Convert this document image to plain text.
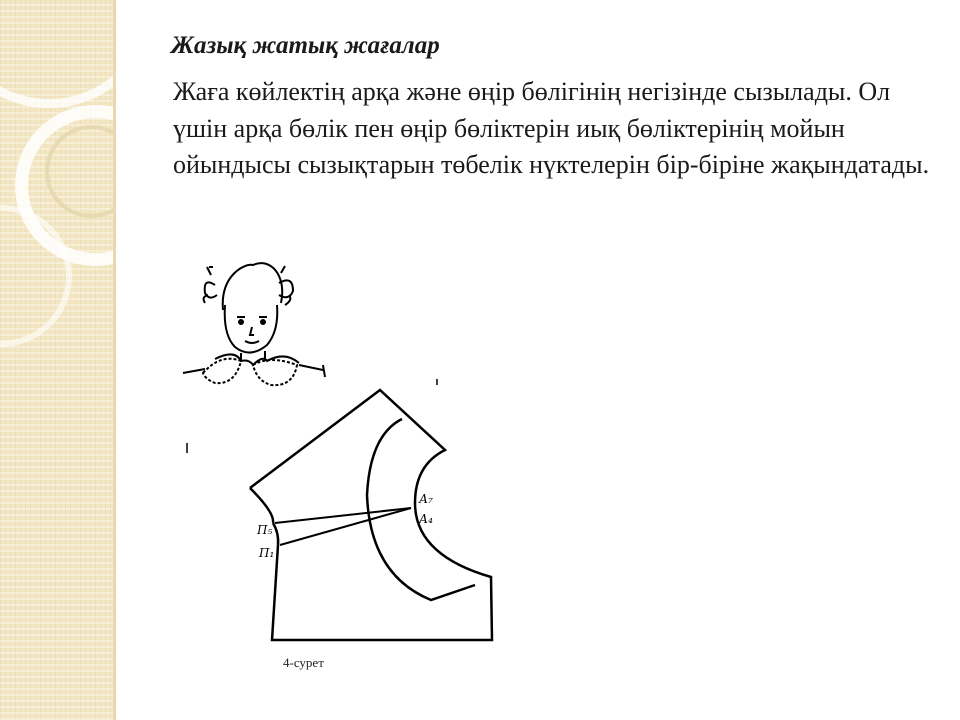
Жазық жатық жағалар
Жаға көйлектің арқа және өңір бөлігінің негізінде сызылады. Ол үшін арқа бөлік пен өңір бөліктерін иық бөліктерінің мойын ойындысы сызықтарын төбелік нүктелерін бір-біріне жақындатады.
А₇
А₄
П₅
П₁
4-сурет
